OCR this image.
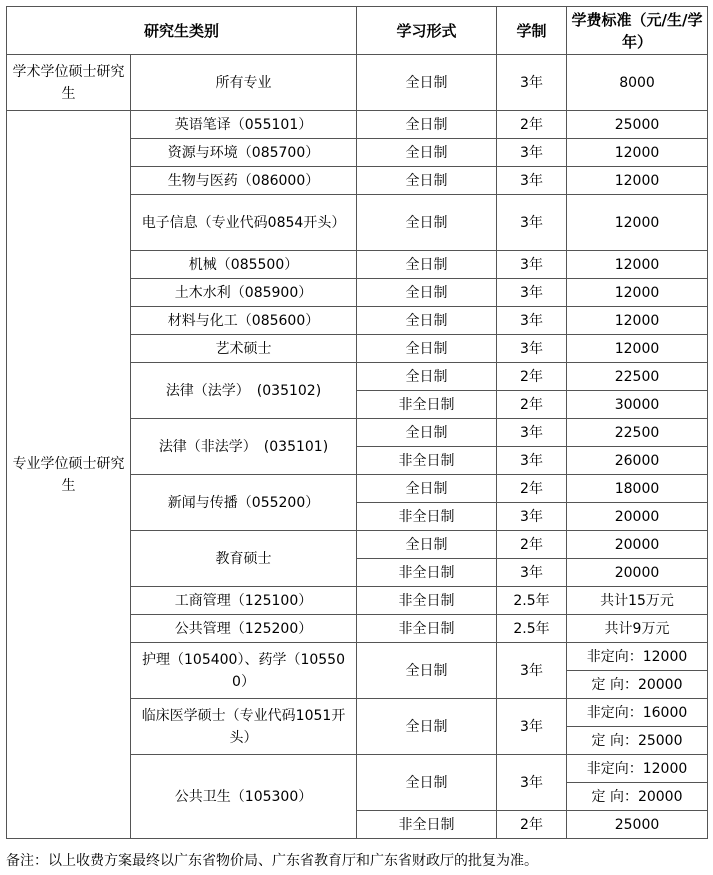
研究生类别		学习形式	学制	学费标准（元/生/学年）
学术学位硕士研究生	所有专业	全日制	3年	8000
专业学位硕士研究生	英语笔译（055101）	全日制	2年	25000
	资源与环境（085700）	全日制	3年	12000
	生物与医药（086000）	全日制	3年	12000
	电子信息（专业代码0854开头）	全日制	3年	12000
	机械（085500）	全日制	3年	12000
	土木水利（085900）	全日制	3年	12000
	材料与化工（085600）	全日制	3年	12000
	艺术硕士	全日制	3年	12000
	法律（法学）　(035102)	全日制	2年	22500
		非全日制	2年	30000
	法律（非法学）　(035101)	全日制	3年	22500
		非全日制	3年	26000
	新闻与传播（055200）	全日制	2年	18000
		非全日制	3年	20000
	教育硕士	全日制	2年	20000
		非全日制	3年	20000
	工商管理（125100）	非全日制	2.5年	共计15万元
	公共管理（125200）	非全日制	2.5年	共计9万元
	护理（105400）、药学（105500）	全日制	3年	非定向：12000
				定 向：20000
	临床医学硕士（专业代码1051开头）	全日制	3年	非定向：16000
				定 向：25000
	公共卫生（105300）	全日制	3年	非定向：12000
				定 向：20000
		非全日制	2年	25000
备注：以上收费方案最终以广东省物价局、广东省教育厅和广东省财政厅的批复为准。
